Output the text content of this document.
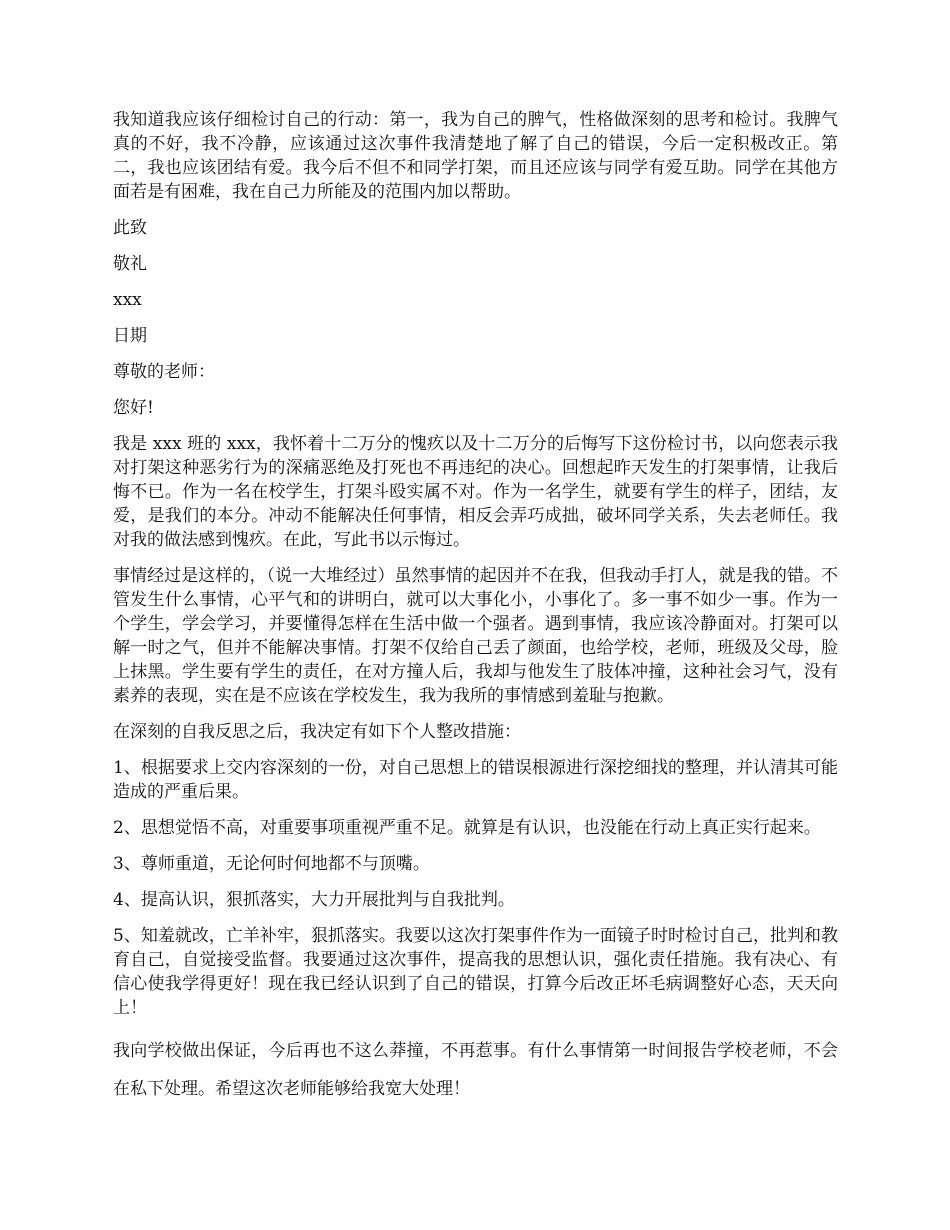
我知道我应该仔细检讨自己的行动：第一，我为自己的脾气，性格做深刻的思考和检讨。我脾气真的不好，我不冷静，应该通过这次事件我清楚地了解了自己的错误，今后一定积极改正。第二，我也应该团结有爱。我今后不但不和同学打架，而且还应该与同学有爱互助。同学在其他方面若是有困难，我在自己力所能及的范围内加以帮助。

此致

敬礼

xxx

日期

尊敬的老师：

您好!

我是 xxx 班的 xxx，我怀着十二万分的愧疚以及十二万分的后悔写下这份检讨书，以向您表示我对打架这种恶劣行为的深痛恶绝及打死也不再违纪的决心。回想起昨天发生的打架事情，让我后悔不已。作为一名在校学生，打架斗殴实属不对。作为一名学生，就要有学生的样子，团结，友爱，是我们的本分。冲动不能解决任何事情，相反会弄巧成拙，破坏同学关系，失去老师任。我对我的做法感到愧疚。在此，写此书以示悔过。

事情经过是这样的，（说一大堆经过）虽然事情的起因并不在我，但我动手打人，就是我的错。不管发生什么事情，心平气和的讲明白，就可以大事化小，小事化了。多一事不如少一事。作为一个学生，学会学习，并要懂得怎样在生活中做一个强者。遇到事情，我应该冷静面对。打架可以解一时之气，但并不能解决事情。打架不仅给自己丢了颜面，也给学校，老师，班级及父母，脸上抹黑。学生要有学生的责任，在对方撞人后，我却与他发生了肢体冲撞，这种社会习气，没有素养的表现，实在是不应该在学校发生，我为我所的事情感到羞耻与抱歉。

在深刻的自我反思之后，我决定有如下个人整改措施：

1、根据要求上交内容深刻的一份，对自己思想上的错误根源进行深挖细找的整理，并认清其可能造成的严重后果。

2、思想觉悟不高，对重要事项重视严重不足。就算是有认识，也没能在行动上真正实行起来。

3、尊师重道，无论何时何地都不与顶嘴。

4、提高认识，狠抓落实，大力开展批判与自我批判。

5、知羞就改，亡羊补牢，狠抓落实。我要以这次打架事件作为一面镜子时时检讨自己，批判和教育自己，自觉接受监督。我要通过这次事件，提高我的思想认识，强化责任措施。我有决心、有信心使我学得更好！现在我已经认识到了自己的错误，打算今后改正坏毛病调整好心态，天天向上！

我向学校做出保证，今后再也不这么莽撞，不再惹事。有什么事情第一时间报告学校老师，不会在私下处理。希望这次老师能够给我宽大处理！
